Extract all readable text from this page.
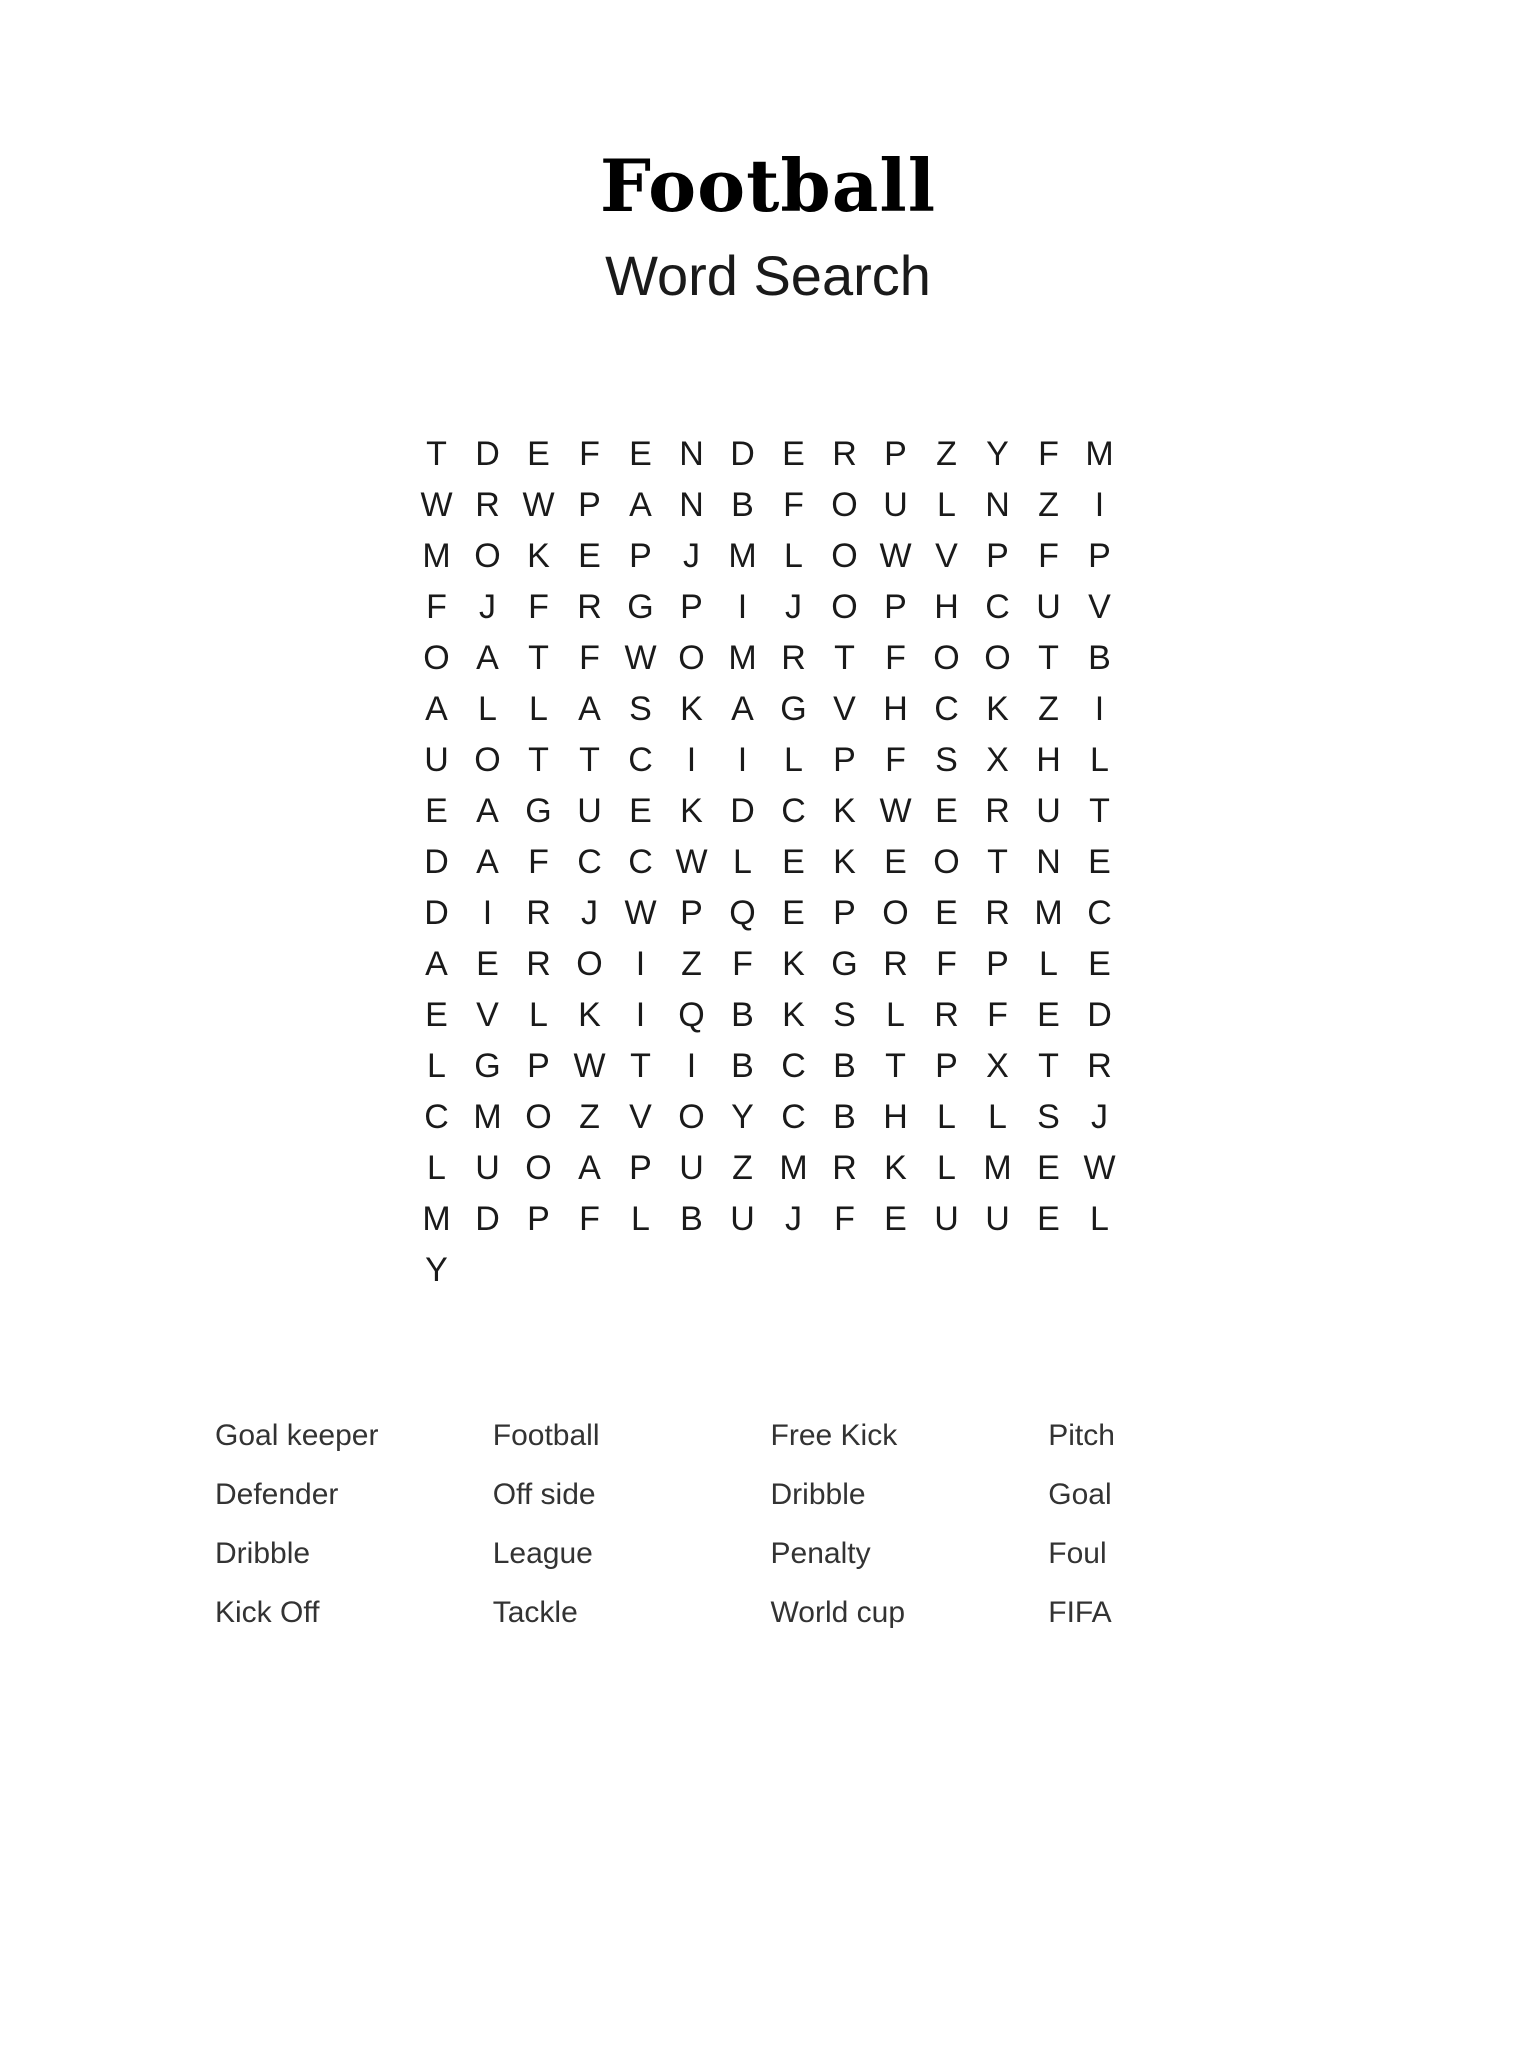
Football
Word Search
T D E F E N D E R P Z Y F M
W R W P A N B F O U L N Z	I
M O K E P J M L O W V P F P
F J F R G P	I	J O P H C U V
O A T F W O M R T F O O T B
A L L A S K A G V H C K Z	I
U O T T C I	I	L P F S X H L
E A G U E K D C K W E R U T
D A F C C W L E K E O T N E
D I	R J W P Q E P O E R M C
A E R O I	Z F K G R F P L E
E V L K	I Q B K S L R F E D
L G P W T	I	B C B T P X T R
C M O Z V O Y C B H L L S J
L U O A P U Z M R K L M E W
M D P F L B U J F E U U E L
Y
Goal keeper
Defender
Dribble
Kick Off
Football
Off side
League
Tackle
Free Kick
Dribble
Penalty
World cup
Pitch
Goal
Foul
FIFA
